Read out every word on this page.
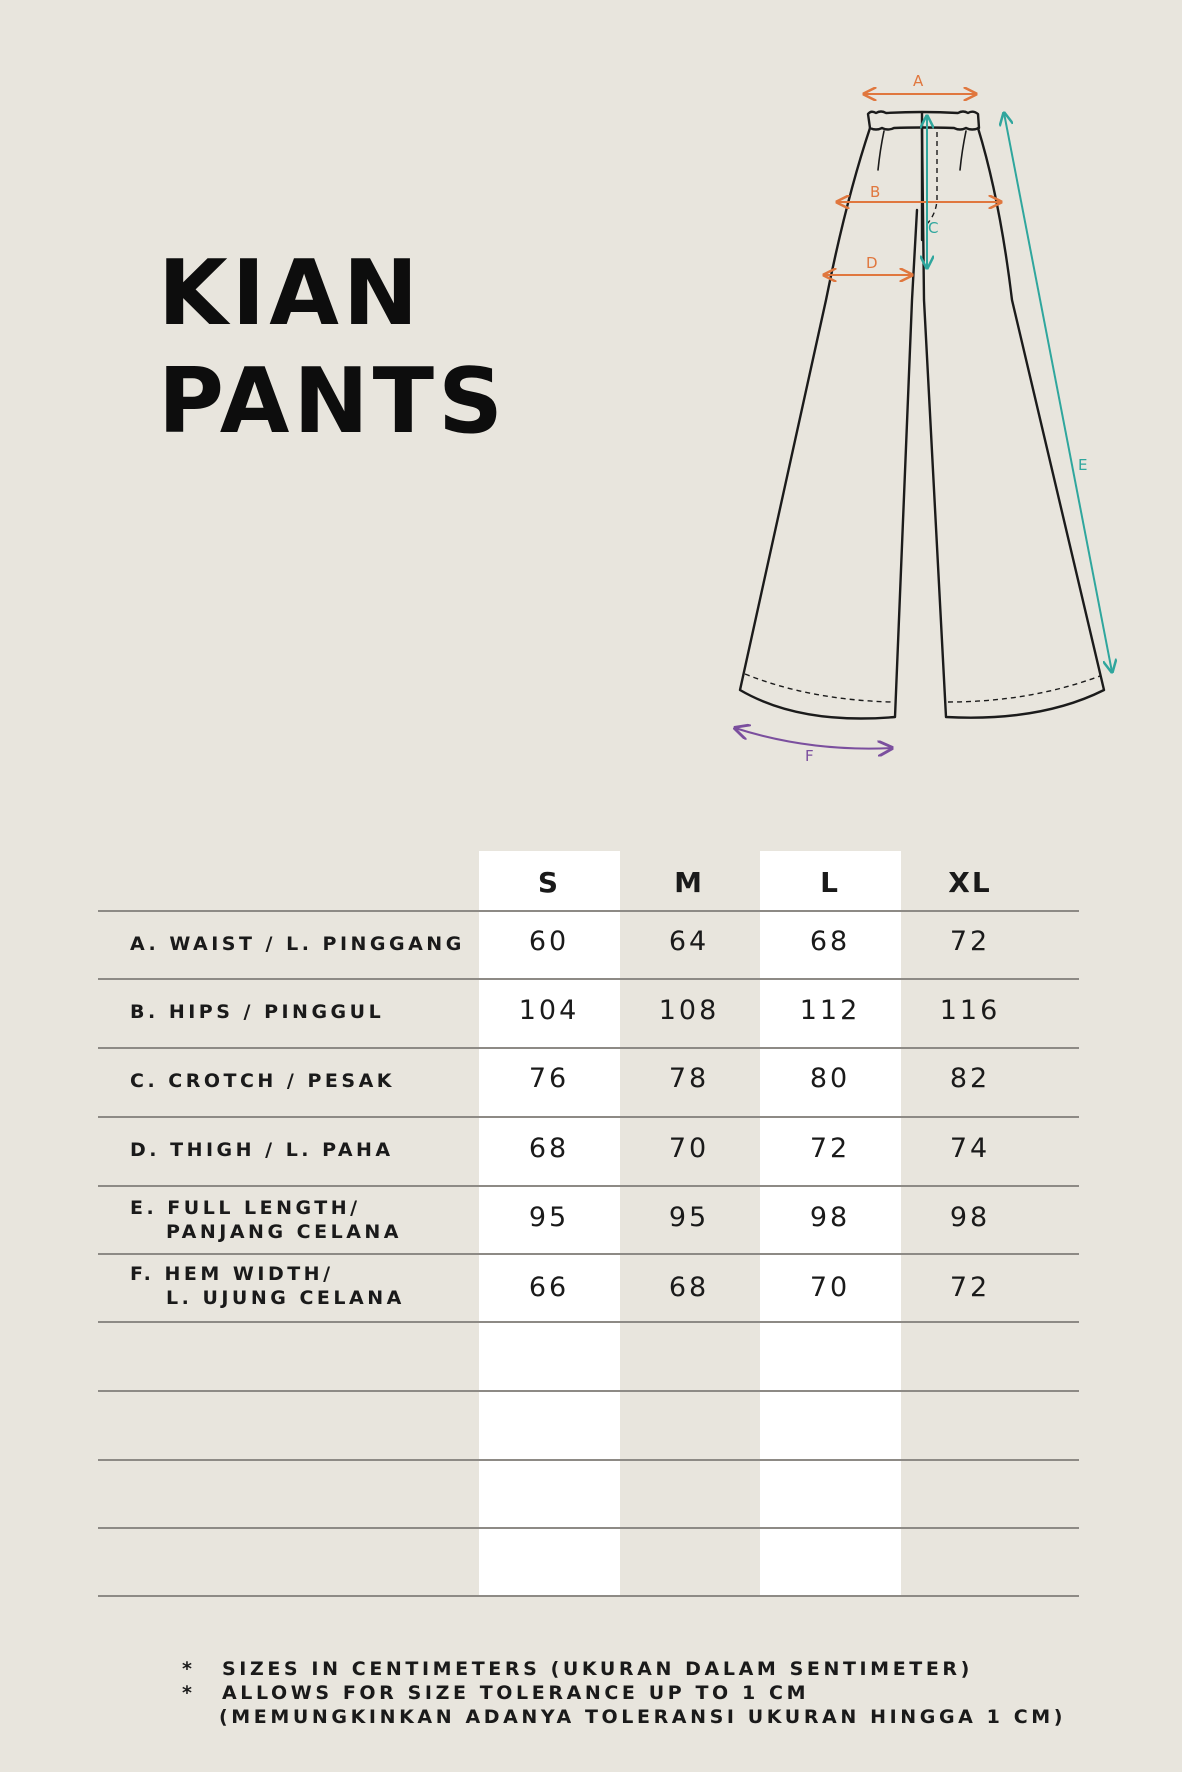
KIAN
PANTS
A
B
C
D
E
F
S	M	L	XL
A. WAIST / L. PINGGANG	60	64	68	72
B. HIPS / PINGGUL	104	108	112	116
C. CROTCH / PESAK	76	78	80	82
D. THIGH / L. PAHA	68	70	72	74
E. FULL LENGTH/
PANJANG CELANA	95	95	98	98
F. HEM WIDTH/
L. UJUNG CELANA	66	68	70	72
* SIZES IN CENTIMETERS (UKURAN DALAM SENTIMETER)
* ALLOWS FOR SIZE TOLERANCE UP TO 1 CM
(MEMUNGKINKAN ADANYA TOLERANSI UKURAN HINGGA 1 CM)
